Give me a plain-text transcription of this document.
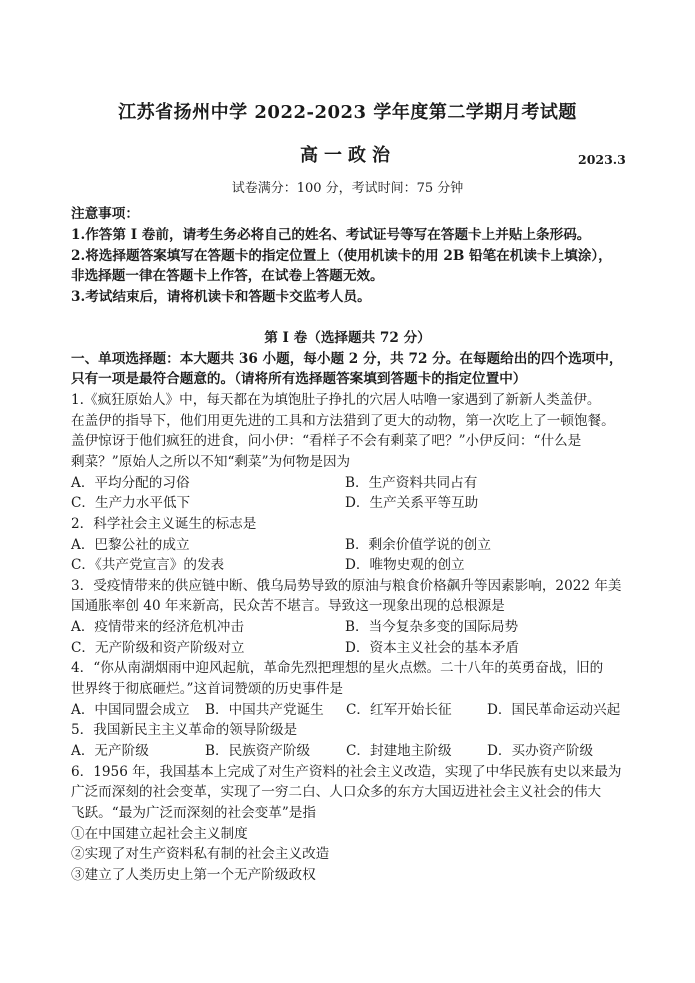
江苏省扬州中学 2022-2023 学年度第二学期月考试题
高一政治	2023.3
试卷满分：100 分，考试时间：75 分钟
注意事项：
1.作答第 I 卷前，请考生务必将自己的姓名、考试证号等写在答题卡上并贴上条形码。
2.将选择题答案填写在答题卡的指定位置上（使用机读卡的用 2B 铅笔在机读卡上填涂），
非选择题一律在答题卡上作答，在试卷上答题无效。
3.考试结束后，请将机读卡和答题卡交监考人员。
第 I 卷（选择题共 72 分）
一、单项选择题：本大题共 36 小题，每小题 2 分，共 72 分。在每题给出的四个选项中，
只有一项是最符合题意的。（请将所有选择题答案填到答题卡的指定位置中）
1.《疯狂原始人》中，每天都在为填饱肚子挣扎的穴居人咕噜一家遇到了新新人类盖伊。
在盖伊的指导下，他们用更先进的工具和方法猎到了更大的动物，第一次吃上了一顿饱餐。
盖伊惊讶于他们疯狂的进食，问小伊：“看样子不会有剩菜了吧？”小伊反问：“什么是
剩菜？”原始人之所以不知“剩菜”为何物是因为
A．平均分配的习俗	B．生产资料共同占有
C．生产力水平低下	D．生产关系平等互助
2．科学社会主义诞生的标志是
A．巴黎公社的成立	B．剩余价值学说的创立
C．《共产党宣言》的发表	D．唯物史观的创立
3．受疫情带来的供应链中断、俄乌局势导致的原油与粮食价格飙升等因素影响，2022 年美
国通胀率创 40 年来新高，民众苦不堪言。导致这一现象出现的总根源是
A．疫情带来的经济危机冲击	B．当今复杂多变的国际局势
C．无产阶级和资产阶级对立	D．资本主义社会的基本矛盾
4．“你从南湖烟雨中迎风起航，革命先烈把理想的星火点燃。二十八年的英勇奋战，旧的
世界终于彻底砸烂。”这首词赞颂的历史事件是
A．中国同盟会成立 B．中国共产党诞生 C．红军开始长征	D．国民革命运动兴起
5．我国新民主主义革命的领导阶级是
A．无产阶级	B．民族资产阶级	C．封建地主阶级	D．买办资产阶级
6．1956 年，我国基本上完成了对生产资料的社会主义改造，实现了中华民族有史以来最为
广泛而深刻的社会变革，实现了一穷二白、人口众多的东方大国迈进社会主义社会的伟大
飞跃。“最为广泛而深刻的社会变革”是指
①在中国建立起社会主义制度
②实现了对生产资料私有制的社会主义改造
③建立了人类历史上第一个无产阶级政权
